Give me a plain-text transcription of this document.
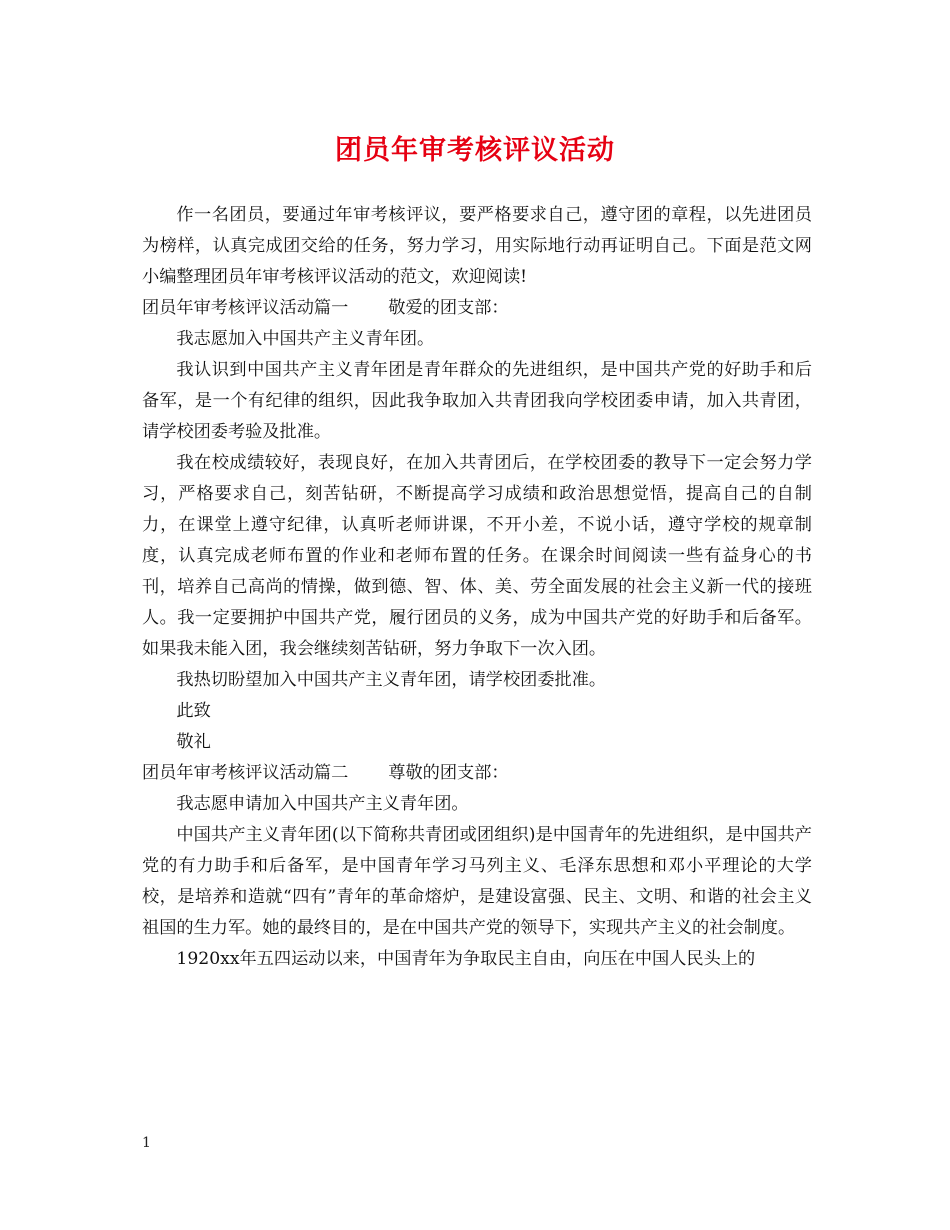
团员年审考核评议活动

作一名团员，要通过年审考核评议，要严格要求自己，遵守团的章程，以先进团员为榜样，认真完成团交给的任务，努力学习，用实际地行动再证明自己。下面是范文网小编整理团员年审考核评议活动的范文，欢迎阅读!

团员年审考核评议活动篇一 敬爱的团支部：

我志愿加入中国共产主义青年团。

我认识到中国共产主义青年团是青年群众的先进组织，是中国共产党的好助手和后备军，是一个有纪律的组织，因此我争取加入共青团我向学校团委申请，加入共青团，请学校团委考验及批准。

我在校成绩较好，表现良好，在加入共青团后，在学校团委的教导下一定会努力学习，严格要求自己，刻苦钻研，不断提高学习成绩和政治思想觉悟，提高自己的自制力，在课堂上遵守纪律，认真听老师讲课，不开小差，不说小话，遵守学校的规章制度，认真完成老师布置的作业和老师布置的任务。在课余时间阅读一些有益身心的书刊，培养自己高尚的情操，做到德、智、体、美、劳全面发展的社会主义新一代的接班人。我一定要拥护中国共产党，履行团员的义务，成为中国共产党的好助手和后备军。如果我未能入团，我会继续刻苦钻研，努力争取下一次入团。

我热切盼望加入中国共产主义青年团，请学校团委批准。

此致

敬礼

团员年审考核评议活动篇二 尊敬的团支部：

我志愿申请加入中国共产主义青年团。

中国共产主义青年团(以下简称共青团或团组织)是中国青年的先进组织，是中国共产党的有力助手和后备军，是中国青年学习马列主义、毛泽东思想和邓小平理论的大学校，是培养和造就“四有”青年的革命熔炉，是建设富强、民主、文明、和谐的社会主义祖国的生力军。她的最终目的，是在中国共产党的领导下，实现共产主义的社会制度。

1920xx年五四运动以来，中国青年为争取民主自由，向压在中国人民头上的

1
